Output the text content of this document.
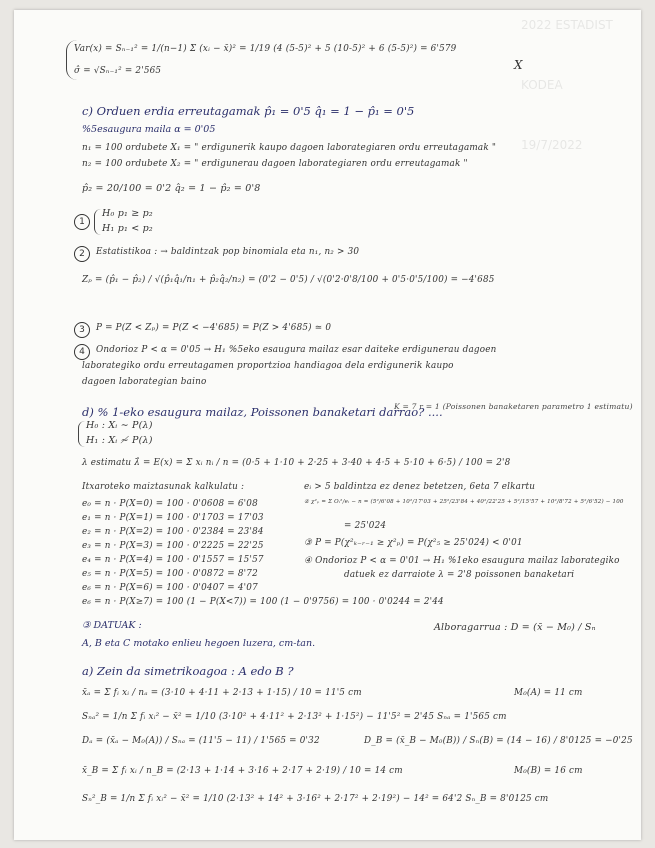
2022 ESTADIST

KODEA

19/7/2022

Var(x) = Sₙ₋₁² = 1/(n−1) Σ (xᵢ − x̄)² = 1/19 (4 (5-5)² + 5 (10-5)² + 6 (5-5)²) = 6'579
σ̂ = √Sₙ₋₁² = 2'565	X
c) Orduen erdia erreutagamak p̂₁ = 0'5 q̂₁ = 1 − p̂₁ = 0'5
%5esaugura maila α = 0'05
n₁ = 100 ordubete X₁ = " erdigunerik kaupo dagoen laborategiaren ordu erreutagamak "
n₂ = 100 ordubete X₂ = " erdigunerau dagoen laborategiaren ordu erreutagamak "
p̂₂ = 20/100 = 0'2 q̂₂ = 1 − p̂₂ = 0'8
1
H₀ p₁ ≥ p₂
H₁ p₁ < p₂
2	Estatistikoa : → baldintzak pop binomiala eta n₁, n₂ > 30
Zₚ = (p̂₁ − p̂₂) / √(p̂₁q̂₁/n₁ + p̂₂q̂₂/n₂) = (0'2 − 0'5) / √(0'2·0'8/100 + 0'5·0'5/100) = −4'685
3	P = P(Z < Zₚ) = P(Z < −4'685) = P(Z > 4'685) ≃ 0
4	Ondorioz P < α = 0'05 → H₁ %5eko esaugura mailaz esar daiteke erdigunerau dagoen
laborategiko ordu erreutagamen proportzioa handiagoa dela erdigunerik kaupo
dagoen laborategian baino
d) % 1-eko esaugura mailaz, Poissonen banaketari darrao? ....
K = 7 r = 1 (Poissonen banaketaren parametro 1 estimatu)
H₀ : Xᵢ ∼ P(λ)
H₁ : Xᵢ ≁ P(λ)
λ estimatu λ̂ = E(x) = Σ xᵢ nᵢ / n = (0·5 + 1·10 + 2·25 + 3·40 + 4·5 + 5·10 + 6·5) / 100 = 2'8
Itxaroteko maiztasunak kalkulatu :	eᵢ > 5 baldintza ez denez betetzen, 6eta 7 elkartu
e₀ = n · P(X=0) = 100 · 0'0608 = 6'08
e₁ = n · P(X=1) = 100 · 0'1703 = 17'03
e₂ = n · P(X=2) = 100 · 0'2384 = 23'84
e₃ = n · P(X=3) = 100 · 0'2225 = 22'25
e₄ = n · P(X=4) = 100 · 0'1557 = 15'57
e₅ = n · P(X=5) = 100 · 0'0872 = 8'72
e₆ = n · P(X=6) = 100 · 0'0407 = 4'07
e₆ = n · P(X≥7) = 100 (1 − P(X<7)) = 100 (1 − 0'9756) = 100 · 0'0244 = 2'44
② χ²ₚ = Σ Oᵢ²/eᵢ − n = (5²/6'08 + 10²/17'03 + 25²/23'84 + 40²/22'25 + 5²/15'57 + 10²/8'72 + 5²/6'52) − 100
= 25'024
③ P = P(χ²ₖ₋ᵣ₋₁ ≥ χ²ₚ) = P(χ²₅ ≥ 25'024) < 0'01
④ Ondorioz P < α = 0'01 → H₁ %1eko esaugura mailaz laborategiko
datuek ez darraiote λ = 2'8 poissonen banaketari
③ DATUAK :
A, B eta C motako enlieu hegoen luzera, cm-tan.
Alboragarrua : D = (x̄ − M₀) / Sₙ
a) Zein da simetrikoagoa : A edo B ?
x̄ₐ = Σ fᵢ xᵢ / nₐ = (3·10 + 4·11 + 2·13 + 1·15) / 10 = 11'5 cm	M₀(A) = 11 cm
Sₙₐ² = 1/n Σ fᵢ xᵢ² − x̄² = 1/10 (3·10² + 4·11² + 2·13² + 1·15²) − 11'5² = 2'45 Sₙₐ = 1'565 cm
Dₐ = (x̄ₐ − M₀(A)) / Sₙₐ = (11'5 − 11) / 1'565 = 0'32	D_B = (x̄_B − M₀(B)) / Sₙ(B) = (14 − 16) / 8'0125 = −0'25
x̄_B = Σ fᵢ xᵢ / n_B = (2·13 + 1·14 + 3·16 + 2·17 + 2·19) / 10 = 14 cm	M₀(B) = 16 cm
Sₙ²_B = 1/n Σ fᵢ xᵢ² − x̄² = 1/10 (2·13² + 14² + 3·16² + 2·17² + 2·19²) − 14² = 64'2 Sₙ_B = 8'0125 cm
